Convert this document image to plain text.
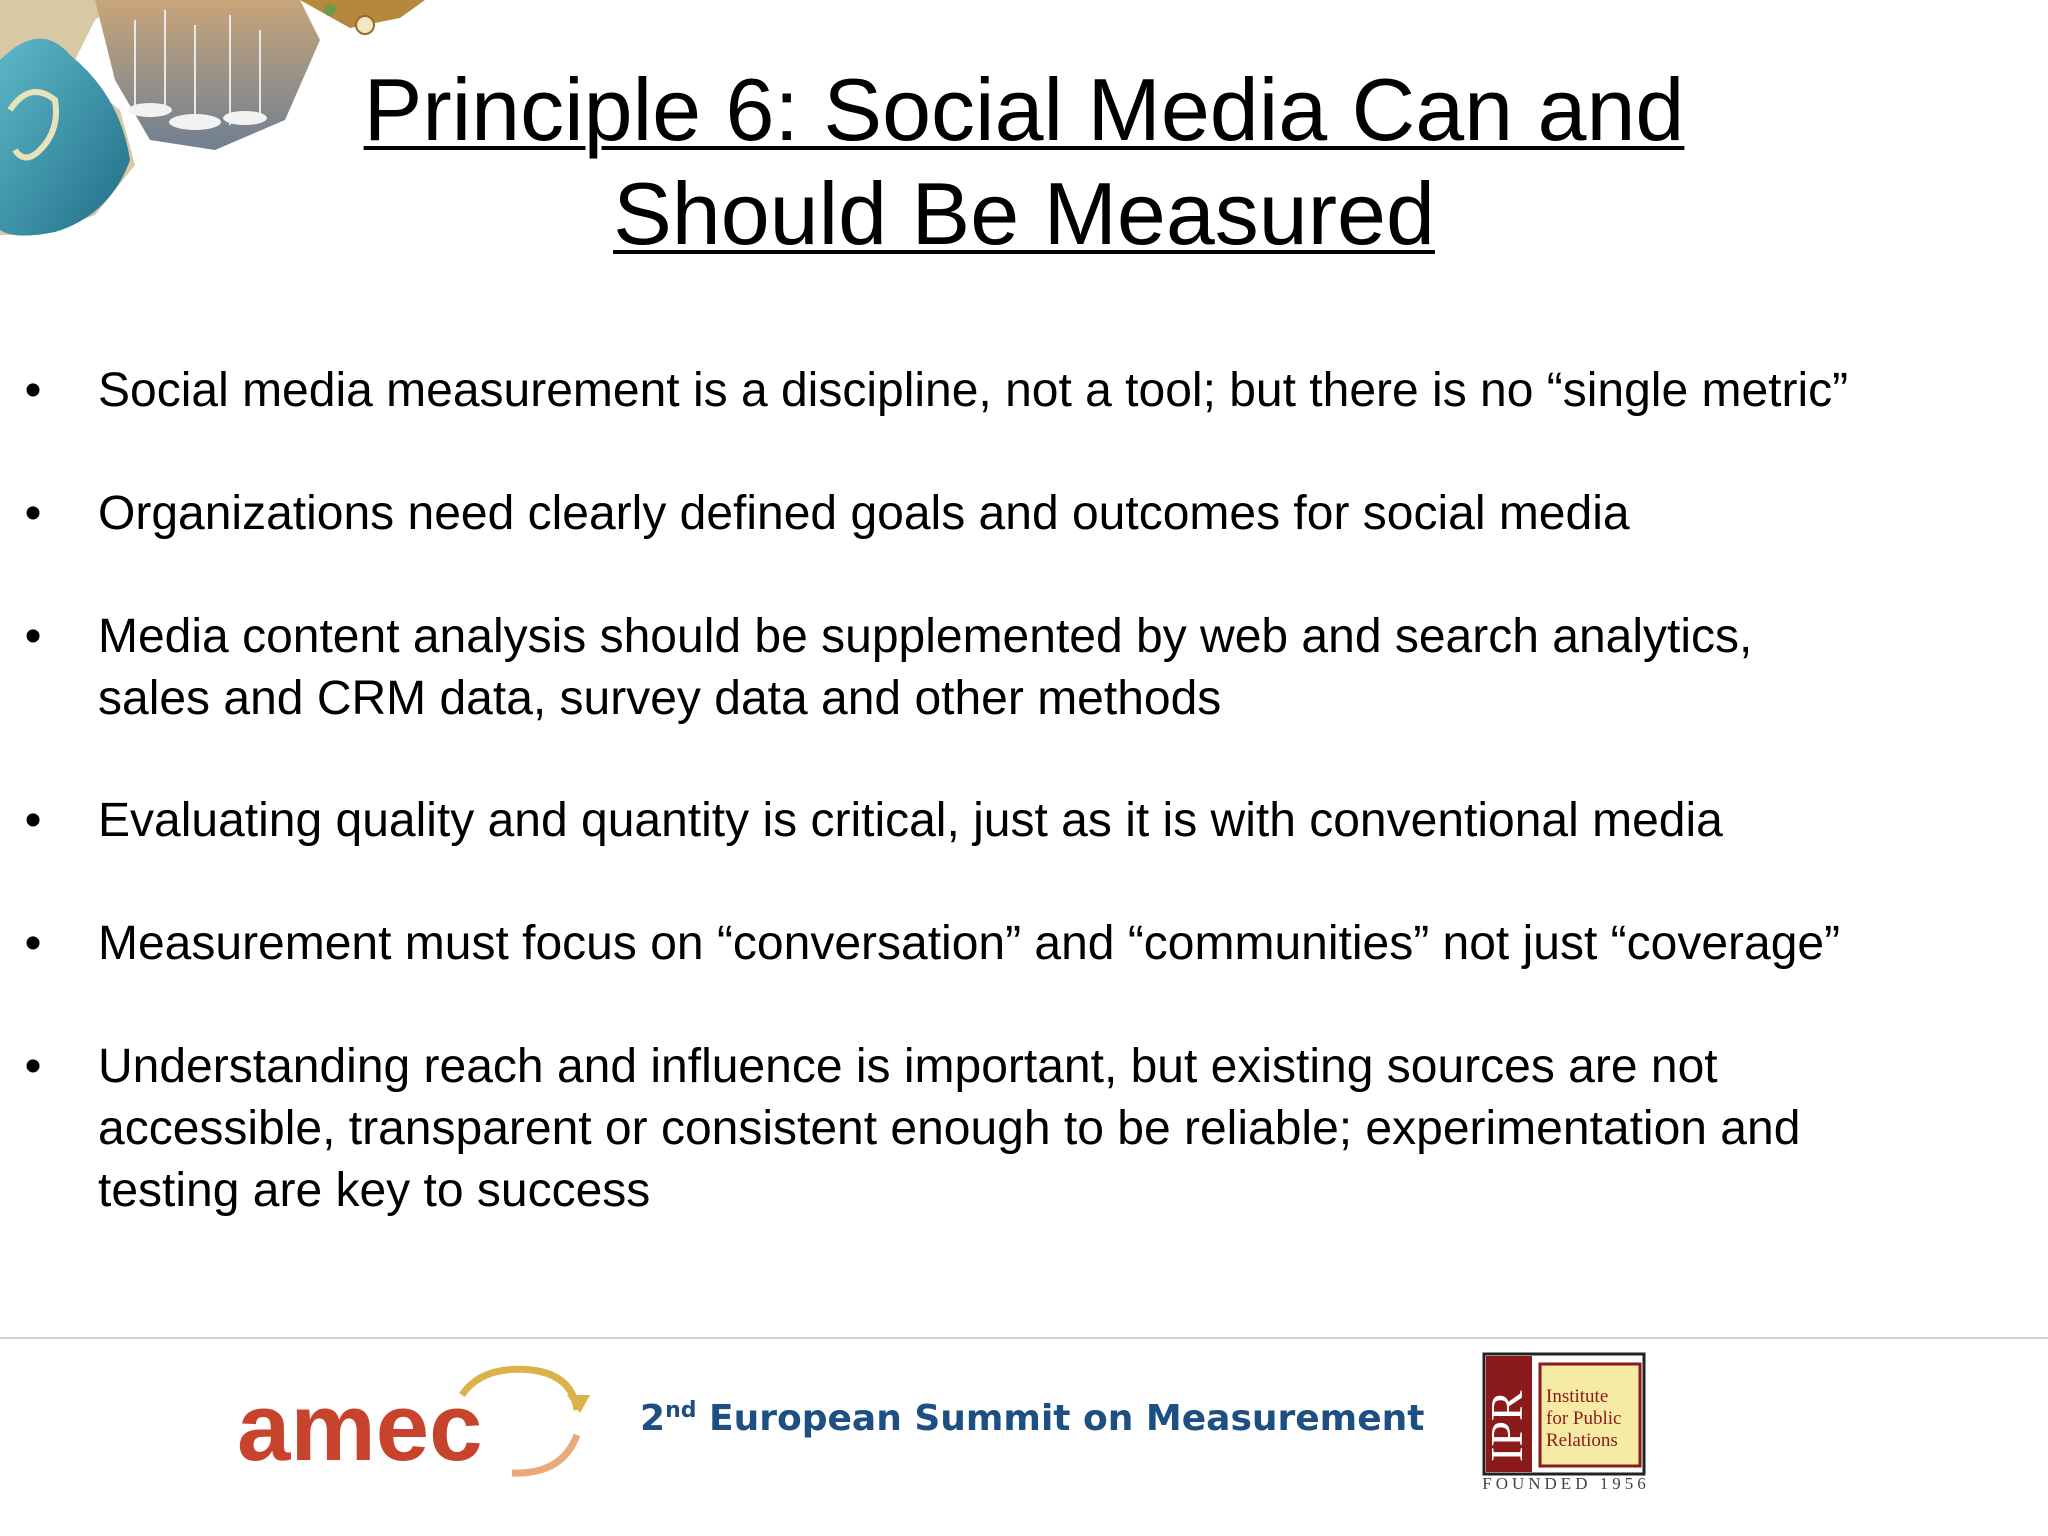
Principle 6: Social Media Can and
Should Be Measured
• Social media measurement is a discipline, not a tool; but there is no “single metric”
• Organizations need clearly defined goals and outcomes for social media
• Media content analysis should be supplemented by web and search analytics,
sales and CRM data, survey data and other methods
• Evaluating quality and quantity is critical, just as it is with conventional media
• Measurement must focus on “conversation” and “communities” not just “coverage”
• Understanding reach and influence is important, but existing sources are not
accessible, transparent or consistent enough to be reliable; experimentation and
testing are key to success
amec	2nd European Summit on Measurement IPR Institute
for Public
Relations
FOUNDED 1956
